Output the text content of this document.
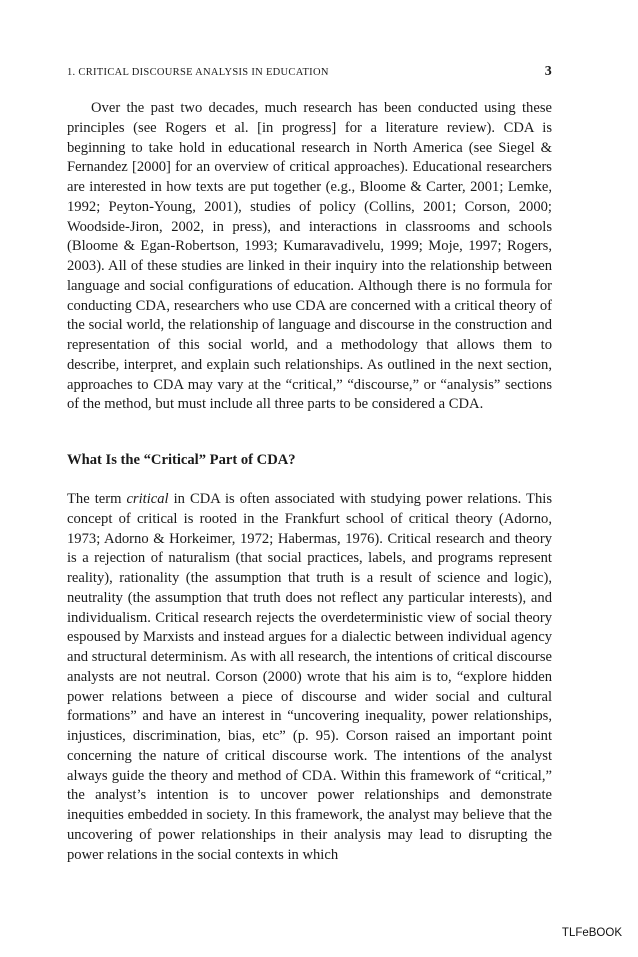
1. CRITICAL DISCOURSE ANALYSIS IN EDUCATION	3

Over the past two decades, much research has been conducted using these principles (see Rogers et al. [in progress] for a literature review). CDA is beginning to take hold in educational research in North America (see Siegel & Fernandez [2000] for an overview of critical approaches). Educational researchers are interested in how texts are put together (e.g., Bloome & Carter, 2001; Lemke, 1992; Peyton-Young, 2001), studies of policy (Collins, 2001; Corson, 2000; Woodside-Jiron, 2002, in press), and interactions in classrooms and schools (Bloome & Egan-Robertson, 1993; Kumaravadivelu, 1999; Moje, 1997; Rogers, 2003). All of these studies are linked in their inquiry into the relationship between language and social configurations of education. Although there is no formula for conducting CDA, researchers who use CDA are concerned with a critical theory of the social world, the relationship of language and discourse in the construction and representation of this social world, and a methodology that allows them to describe, interpret, and explain such relationships. As outlined in the next section, approaches to CDA may vary at the “critical,” “discourse,” or “analysis” sections of the method, but must include all three parts to be considered a CDA.

What Is the “Critical” Part of CDA?

The term critical in CDA is often associated with studying power relations. This concept of critical is rooted in the Frankfurt school of critical theory (Adorno, 1973; Adorno & Horkeimer, 1972; Habermas, 1976). Critical research and theory is a rejection of naturalism (that social practices, labels, and programs represent reality), rationality (the assumption that truth is a result of science and logic), neutrality (the assumption that truth does not reflect any particular interests), and individualism. Critical research rejects the overdeterministic view of social theory espoused by Marxists and instead argues for a dialectic between individual agency and structural determinism. As with all research, the intentions of critical discourse analysts are not neutral. Corson (2000) wrote that his aim is to, “explore hidden power relations between a piece of discourse and wider social and cultural formations” and have an interest in “uncovering inequality, power relationships, injustices, discrimination, bias, etc” (p. 95). Corson raised an important point concerning the nature of critical discourse work. The intentions of the analyst always guide the theory and method of CDA. Within this framework of “critical,” the analyst’s intention is to uncover power relationships and demonstrate inequities embedded in society. In this framework, the analyst may believe that the uncovering of power relationships in their analysis may lead to disrupting the power relations in the social contexts in which

TLFeBOOK
